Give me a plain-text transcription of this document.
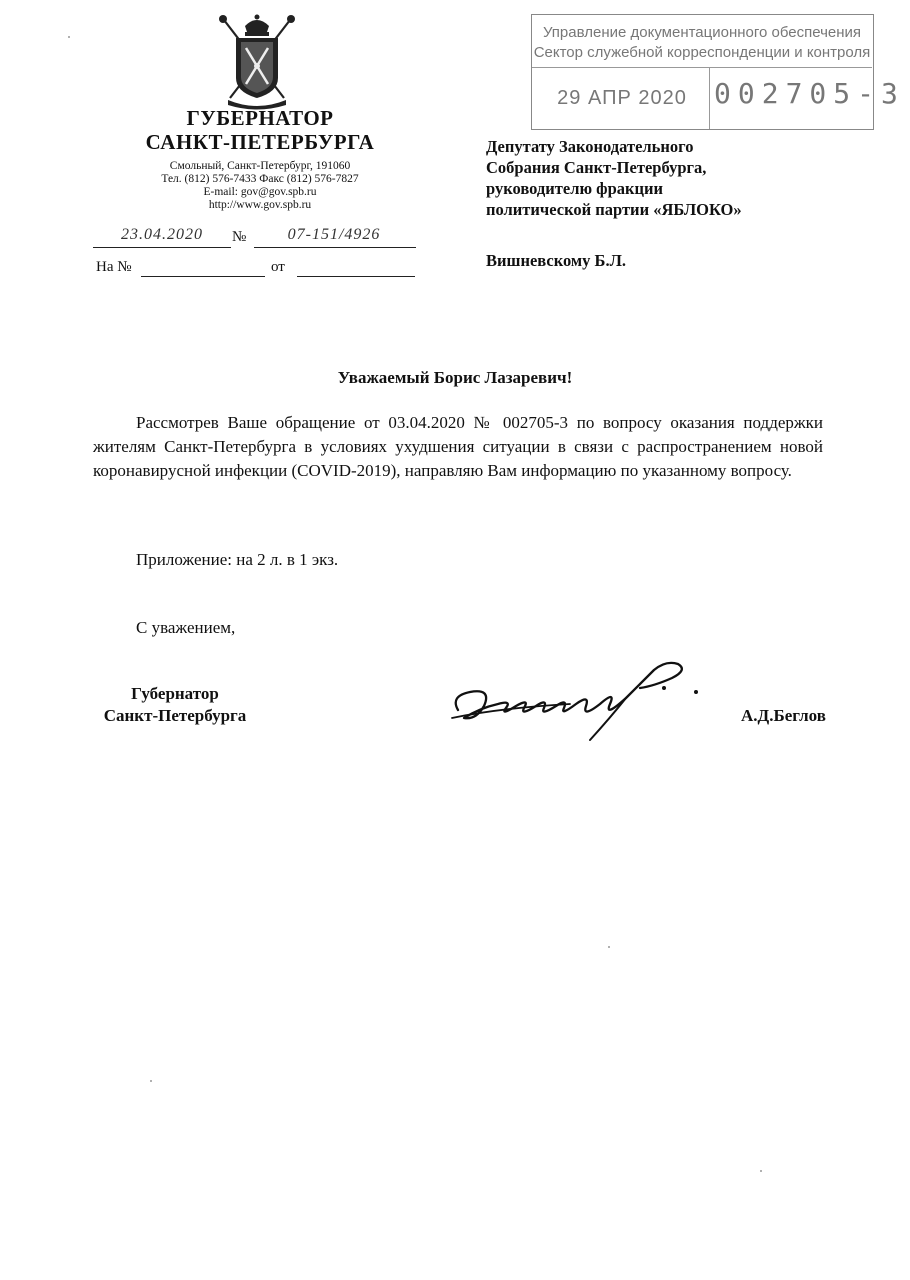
ГУБЕРНАТОР
САНКТ-ПЕТЕРБУРГА
Смольный, Санкт-Петербург, 191060
Тел. (812) 576-7433 Факс (812) 576-7827
E-mail: gov@gov.spb.ru
http://www.gov.spb.ru
23.04.2020	№	07-151/4926
На №	от
Управление документационного обеспечения
Сектор служебной корреспонденции и контроля
29 АПР 2020 002705-3
Депутату Законодательного
Собрания Санкт-Петербурга,
руководителю фракции
политической партии «ЯБЛОКО»
Вишневскому Б.Л.
Уважаемый Борис Лазаревич!
Рассмотрев Ваше обращение от 03.04.2020 № 002705-3 по вопросу оказания поддержки жителям Санкт-Петербурга в условиях ухудшения ситуации в связи с распространением новой коронавирусной инфекции (COVID-2019), направляю Вам информацию по указанному вопросу.
Приложение: на 2 л. в 1 экз.
С уважением,
Губернатор
Санкт-Петербурга	А.Д.Беглов
